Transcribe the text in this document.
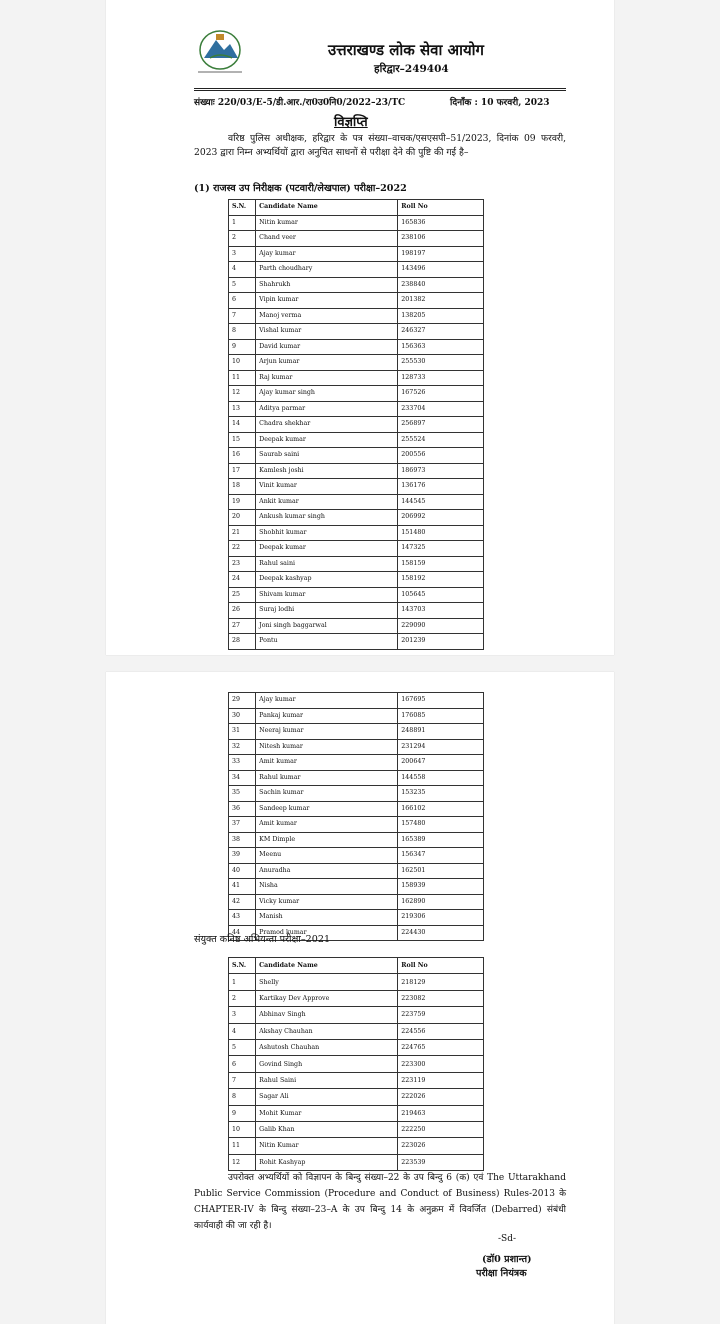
उत्तराखण्ड लोक सेवा आयोग
हरिद्वार–249404
संख्याः 220/03/E-5/डी.आर./रा0उ0नि0/2022–23/TC	दिनाँक : 10 फरवरी, 2023
विज्ञप्ति
वरिष्ठ पुलिस अधीक्षक, हरिद्वार के पत्र संख्या–वाचक/एसएसपी–51/2023, दिनांक 09 फरवरी, 2023 द्वारा निम्न अभ्यर्थियों द्वारा अनुचित साधनों से परीक्षा देने की पुष्टि की गई है–
(1) राजस्व उप निरीक्षक (पटवारी/लेखपाल) परीक्षा–2022
S.N.	Candidate Name	Roll No
1	Nitin kumar	165836
2	Chand veer	238106
3	Ajay kumar	198197
4	Parth choudhary	143496
5	Shahrukh	238840
6	Vipin kumar	201382
7	Manoj verma	138205
8	Vishal kumar	246327
9	David kumar	156363
10	Arjun kumar	255530
11	Raj kumar	128733
12	Ajay kumar singh	167526
13	Aditya parmar	233704
14	Chadra shekhar	256897
15	Deepak kumar	255524
16	Saurab saini	200556
17	Kamlesh joshi	186973
18	Vinit kumar	136176
19	Ankit kumar	144545
20	Ankush kumar singh	206992
21	Shobhit kumar	151480
22	Deepak kumar	147325
23	Rahul saini	158159
24	Deepak kashyap	158192
25	Shivam kumar	105645
26	Suraj lodhi	143703
27	Joni singh baggarwal	229090
28	Pontu	201239
29	Ajay kumar	167695
30	Pankaj kumar	176085
31	Neeraj kumar	248891
32	Nitesh kumar	231294
33	Amit kumar	200647
34	Rahul kumar	144558
35	Sachin kumar	153235
36	Sandeep kumar	166102
37	Amit kumar	157480
38	KM Dimple	165389
39	Meenu	156347
40	Anuradha	162501
41	Nisha	158939
42	Vicky kumar	162890
43	Manish	219306
44	Pramod kumar	224430
संयुक्त कनिष्ठ अभियन्ता परीक्षा–2021
S.N.	Candidate Name	Roll No
1	Shelly	218129
2	Kartikay Dev Approve	223082
3	Abhinav Singh	223759
4	Akshay Chauhan	224556
5	Ashutosh Chauhan	224765
6	Govind Singh	223300
7	Rahul Saini	223119
8	Sagar Ali	222026
9	Mohit Kumar	219463
10	Galib Khan	222250
11	Nitin Kumar	223026
12	Rohit Kashyap	223539
उपरोक्त अभ्यर्थियों को विज्ञापन के बिन्दु संख्या–22 के उप बिन्दु 6 (क) एवं The Uttarakhand Public Service Commission (Procedure and Conduct of Business) Rules-2013 के CHAPTER-IV के बिन्दु संख्या–23–A के उप बिन्दु 14 के अनुक्रम में विवर्जित (Debarred) संबंधी कार्यवाही की जा रही है।
-Sd-
(डॉ0 प्रशान्त)
परीक्षा नियंत्रक
